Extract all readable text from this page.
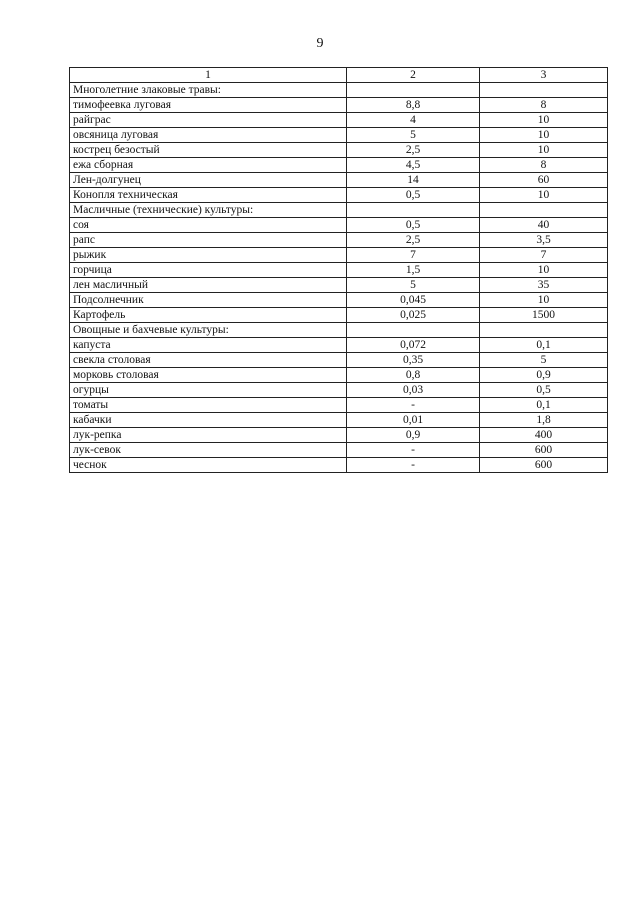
9
1	2	3
Многолетние злаковые травы:		
тимофеевка луговая	8,8	8
райграс	4	10
овсяница луговая	5	10
кострец безостый	2,5	10
ежа сборная	4,5	8
Лен-долгунец	14	60
Конопля техническая	0,5	10
Масличные (технические) культуры:		
соя	0,5	40
рапс	2,5	3,5
рыжик	7	7
горчица	1,5	10
лен масличный	5	35
Подсолнечник	0,045	10
Картофель	0,025	1500
Овощные и бахчевые культуры:		
капуста	0,072	0,1
свекла столовая	0,35	5
морковь столовая	0,8	0,9
огурцы	0,03	0,5
томаты	-	0,1
кабачки	0,01	1,8
лук-репка	0,9	400
лук-севок	-	600
чеснок	-	600
